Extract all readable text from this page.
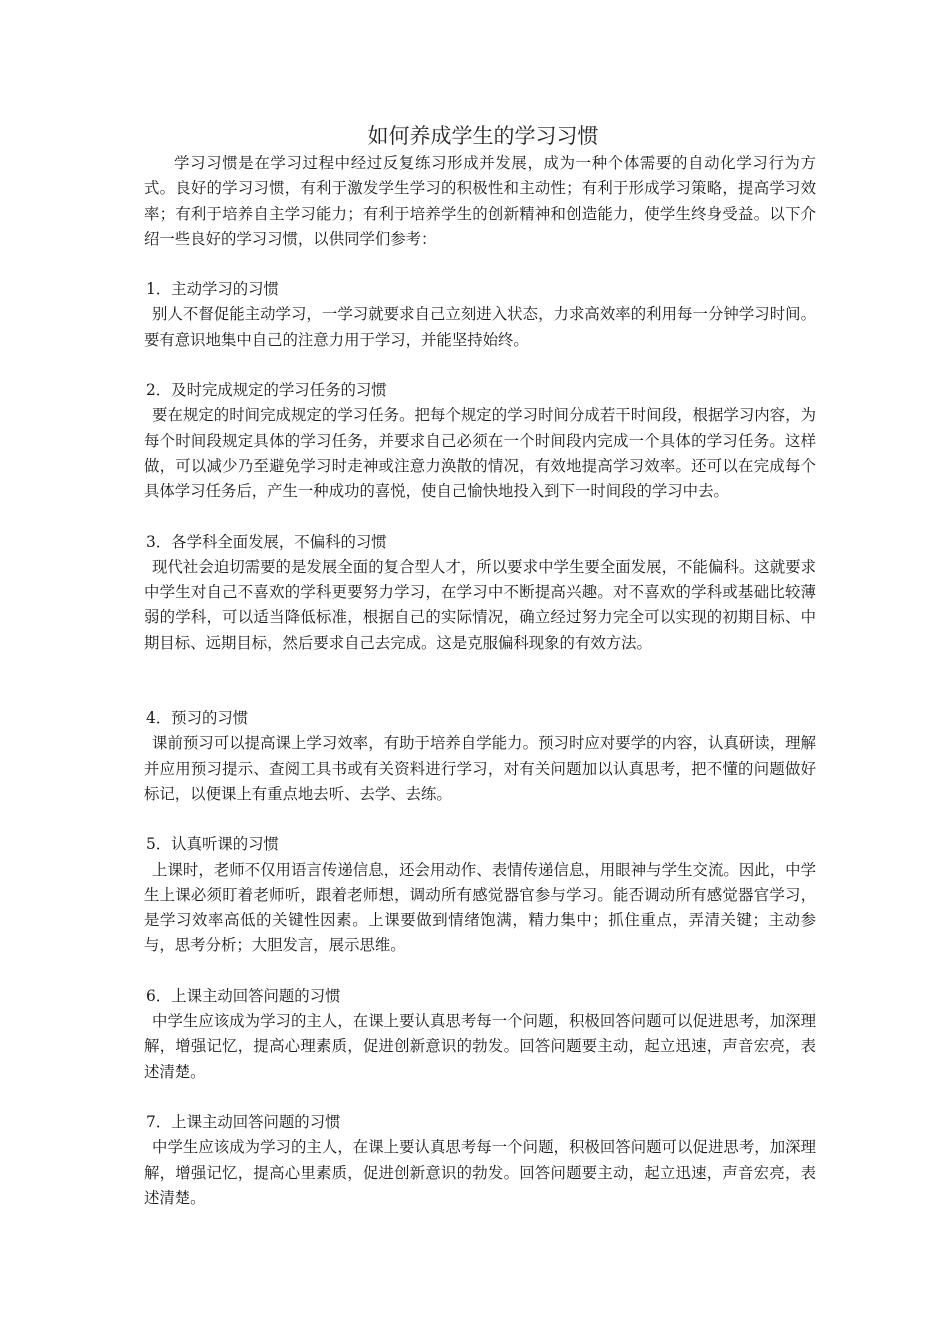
如何养成学生的学习习惯

学习习惯是在学习过程中经过反复练习形成并发展，成为一种个体需要的自动化学习行为方式。良好的学习习惯，有利于激发学生学习的积极性和主动性；有利于形成学习策略，提高学习效率；有利于培养自主学习能力；有利于培养学生的创新精神和创造能力，使学生终身受益。以下介绍一些良好的学习习惯，以供同学们参考：

1．主动学习的习惯

别人不督促能主动学习，一学习就要求自己立刻进入状态，力求高效率的利用每一分钟学习时间。要有意识地集中自己的注意力用于学习，并能坚持始终。

2．及时完成规定的学习任务的习惯

要在规定的时间完成规定的学习任务。把每个规定的学习时间分成若干时间段，根据学习内容，为每个时间段规定具体的学习任务，并要求自己必须在一个时间段内完成一个具体的学习任务。这样做，可以减少乃至避免学习时走神或注意力涣散的情况，有效地提高学习效率。还可以在完成每个具体学习任务后，产生一种成功的喜悦，使自己愉快地投入到下一时间段的学习中去。

3．各学科全面发展，不偏科的习惯

现代社会迫切需要的是发展全面的复合型人才，所以要求中学生要全面发展，不能偏科。这就要求中学生对自己不喜欢的学科更要努力学习，在学习中不断提高兴趣。对不喜欢的学科或基础比较薄弱的学科，可以适当降低标准，根据自己的实际情况，确立经过努力完全可以实现的初期目标、中期目标、远期目标，然后要求自己去完成。这是克服偏科现象的有效方法。

4．预习的习惯

课前预习可以提高课上学习效率，有助于培养自学能力。预习时应对要学的内容，认真研读，理解并应用预习提示、查阅工具书或有关资料进行学习，对有关问题加以认真思考，把不懂的问题做好标记，以便课上有重点地去听、去学、去练。

5．认真听课的习惯

上课时，老师不仅用语言传递信息，还会用动作、表情传递信息，用眼神与学生交流。因此，中学生上课必须盯着老师听，跟着老师想，调动所有感觉器官参与学习。能否调动所有感觉器官学习，是学习效率高低的关键性因素。上课要做到情绪饱满，精力集中；抓住重点，弄清关键；主动参与，思考分析；大胆发言，展示思维。

6．上课主动回答问题的习惯

中学生应该成为学习的主人，在课上要认真思考每一个问题，积极回答问题可以促进思考，加深理解，增强记忆，提高心理素质，促进创新意识的勃发。回答问题要主动，起立迅速，声音宏亮，表述清楚。

7．上课主动回答问题的习惯

中学生应该成为学习的主人，在课上要认真思考每一个问题，积极回答问题可以促进思考，加深理解，增强记忆，提高心里素质，促进创新意识的勃发。回答问题要主动，起立迅速，声音宏亮，表述清楚。
